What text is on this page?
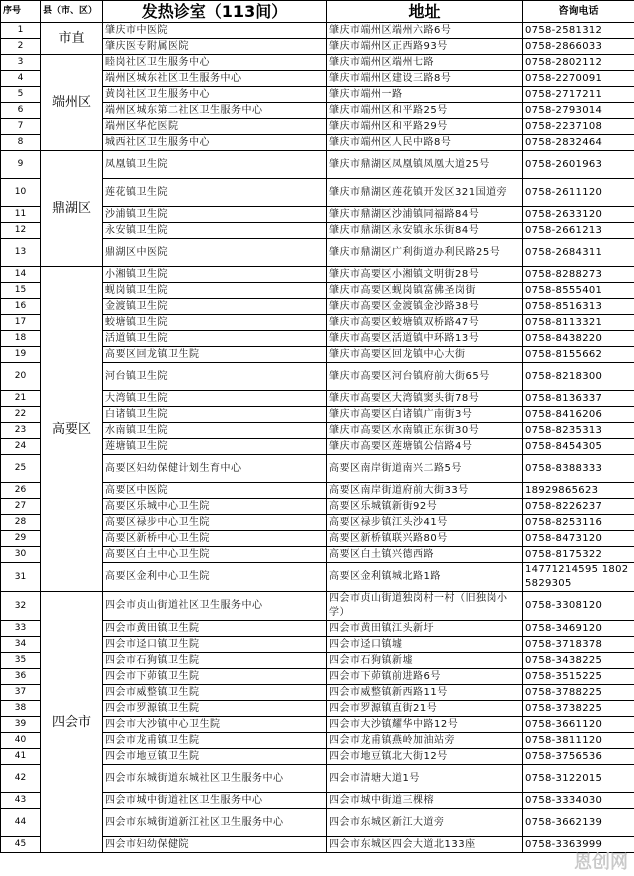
序号	县（市、区）	发热诊室（113间）	地址	咨询电话
1	市直	肇庆市中医院	肇庆市端州区端州六路6号	0758-2581312
2		肇庆医专附属医院	肇庆市端州区正西路93号	0758-2866033
3	端州区	睦岗社区卫生服务中心	肇庆市端州区端州七路	0758-2802112
4		端州区城东社区卫生服务中心	肇庆市端州区建设三路8号	0758-2270091
5		黄岗社区卫生服务中心	肇庆市端州一路	0758-2717211
6		端州区城东第二社区卫生服务中心	肇庆市端州区和平路25号	0758-2793014
7		端州区华佗医院	肇庆市端州区和平路29号	0758-2237108
8		城西社区卫生服务中心	肇庆市端州区人民中路8号	0758-2832464
9	鼎湖区	凤凰镇卫生院	肇庆市鼎湖区凤凰镇凤凰大道25号	0758-2601963
10		莲花镇卫生院	肇庆市鼎湖区莲花镇开发区321国道旁	0758-2611120
11		沙浦镇卫生院	肇庆市鼎湖区沙浦镇同福路84号	0758-2633120
12		永安镇卫生院	肇庆市鼎湖区永安镇永乐街84号	0758-2661213
13		鼎湖区中医院	肇庆市鼎湖区广利街道办利民路25号	0758-2684311
14	高要区	小湘镇卫生院	肇庆市高要区小湘镇文明街28号	0758-8288273
15		蚬岗镇卫生院	肇庆市高要区蚬岗镇富佛圣岗街	0758-8555401
16		金渡镇卫生院	肇庆市高要区金渡镇金沙路38号	0758-8516313
17		蛟塘镇卫生院	肇庆市高要区蛟塘镇双桥路47号	0758-8113321
18		活道镇卫生院	肇庆市高要区活道镇中环路13号	0758-8438220
19		高要区回龙镇卫生院	肇庆市高要区回龙镇中心大街	0758-8155662
20		河台镇卫生院	肇庆市高要区河台镇府前大街65号	0758-8218300
21		大湾镇卫生院	肇庆市高要区大湾镇窦头街78号	0758-8136337
22		白诸镇卫生院	肇庆市高要区白诸镇广南街3号	0758-8416206
23		水南镇卫生院	肇庆市高要区水南镇正东街30号	0758-8235313
24		莲塘镇卫生院	肇庆市高要区莲塘镇公信路4号	0758-8454305
25		高要区妇幼保健计划生育中心	高要区南岸街道南兴二路5号	0758-8388333
26		高要区中医院	高要区南岸街道府前大街33号	18929865623
27		高要区乐城中心卫生院	高要区乐城镇新街92号	0758-8226237
28		高要区禄步中心卫生院	高要区禄步镇江头沙41号	0758-8253116
29		高要区新桥中心卫生院	高要区新桥镇联兴路80号	0758-8473120
30		高要区白土中心卫生院	高要区白土镇兴德西路	0758-8175322
31		高要区金利中心卫生院	高要区金利镇城北路1路	14771214595 18025829305
32	四会市	四会市贞山街道社区卫生服务中心	四会市贞山街道独岗村一村（旧独岗小学）	0758-3308120
33		四会市黄田镇卫生院	四会市黄田镇江头新圩	0758-3469120
34		四会市迳口镇卫生院	四会市迳口镇墟	0758-3718378
35		四会市石狗镇卫生院	四会市石狗镇新墟	0758-3438225
36		四会市下茆镇卫生院	四会市下茆镇前进路6号	0758-3515225
37		四会市威整镇卫生院	四会市威整镇新西路11号	0758-3788225
38		四会市罗源镇卫生院	四会市罗源镇直街21号	0758-3738225
39		四会市大沙镇中心卫生院	四会市大沙镇耀华中路12号	0758-3661120
40		四会市龙甫镇卫生院	四会市龙甫镇燕岭加油站旁	0758-3811120
41		四会市地豆镇卫生院	四会市地豆镇北大街12号	0758-3756536
42		四会市东城街道东城社区卫生服务中心	四会市清塘大道1号	0758-3122015
43		四会市城中街道社区卫生服务中心	四会市城中街道三棵榕	0758-3334030
44		四会市东城街道新江社区卫生服务中心	四会市东城区新江大道旁	0758-3662139
45		四会市妇幼保健院	四会市东城区四会大道北133座	0758-3363999
恩创网
